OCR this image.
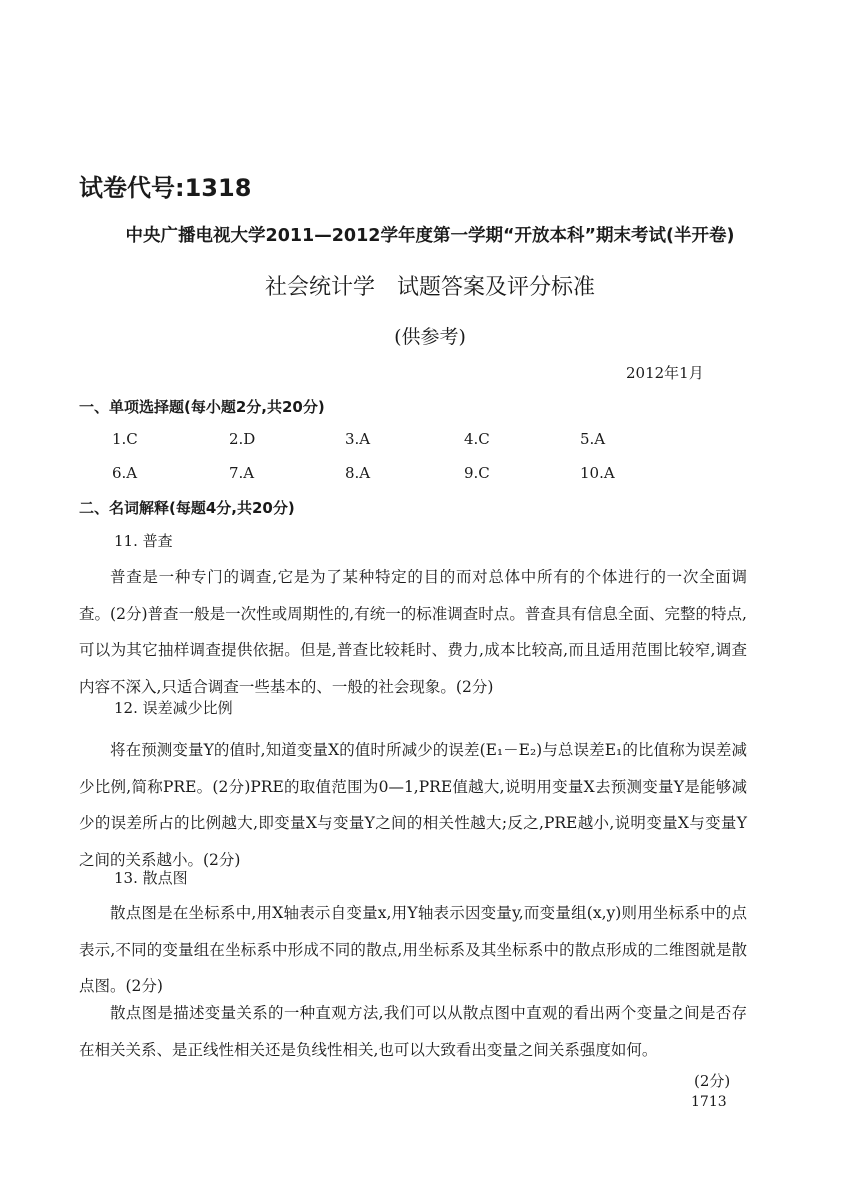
试卷代号:1318
中央广播电视大学2011—2012学年度第一学期“开放本科”期末考试(半开卷)
社会统计学　试题答案及评分标准
(供参考)
2012年1月
一、单项选择题(每小题2分,共20分)
1.C	2.D	3.A	4.C	5.A
6.A	7.A	8.A	9.C	10.A
二、名词解释(每题4分,共20分)
11. 普查
普查是一种专门的调查,它是为了某种特定的目的而对总体中所有的个体进行的一次全面调查。(2分)普查一般是一次性或周期性的,有统一的标准调查时点。普查具有信息全面、完整的特点,可以为其它抽样调查提供依据。但是,普查比较耗时、费力,成本比较高,而且适用范围比较窄,调查内容不深入,只适合调查一些基本的、一般的社会现象。(2分)
12. 误差减少比例
将在预测变量Y的值时,知道变量X的值时所减少的误差(E₁－E₂)与总误差E₁的比值称为误差减少比例,简称PRE。(2分)PRE的取值范围为0—1,PRE值越大,说明用变量X去预测变量Y是能够减少的误差所占的比例越大,即变量X与变量Y之间的相关性越大;反之,PRE越小,说明变量X与变量Y之间的关系越小。(2分)
13. 散点图
散点图是在坐标系中,用X轴表示自变量x,用Y轴表示因变量y,而变量组(x,y)则用坐标系中的点表示,不同的变量组在坐标系中形成不同的散点,用坐标系及其坐标系中的散点形成的二维图就是散点图。(2分)
散点图是描述变量关系的一种直观方法,我们可以从散点图中直观的看出两个变量之间是否存在相关关系、是正线性相关还是负线性相关,也可以大致看出变量之间关系强度如何。
(2分)
1713
